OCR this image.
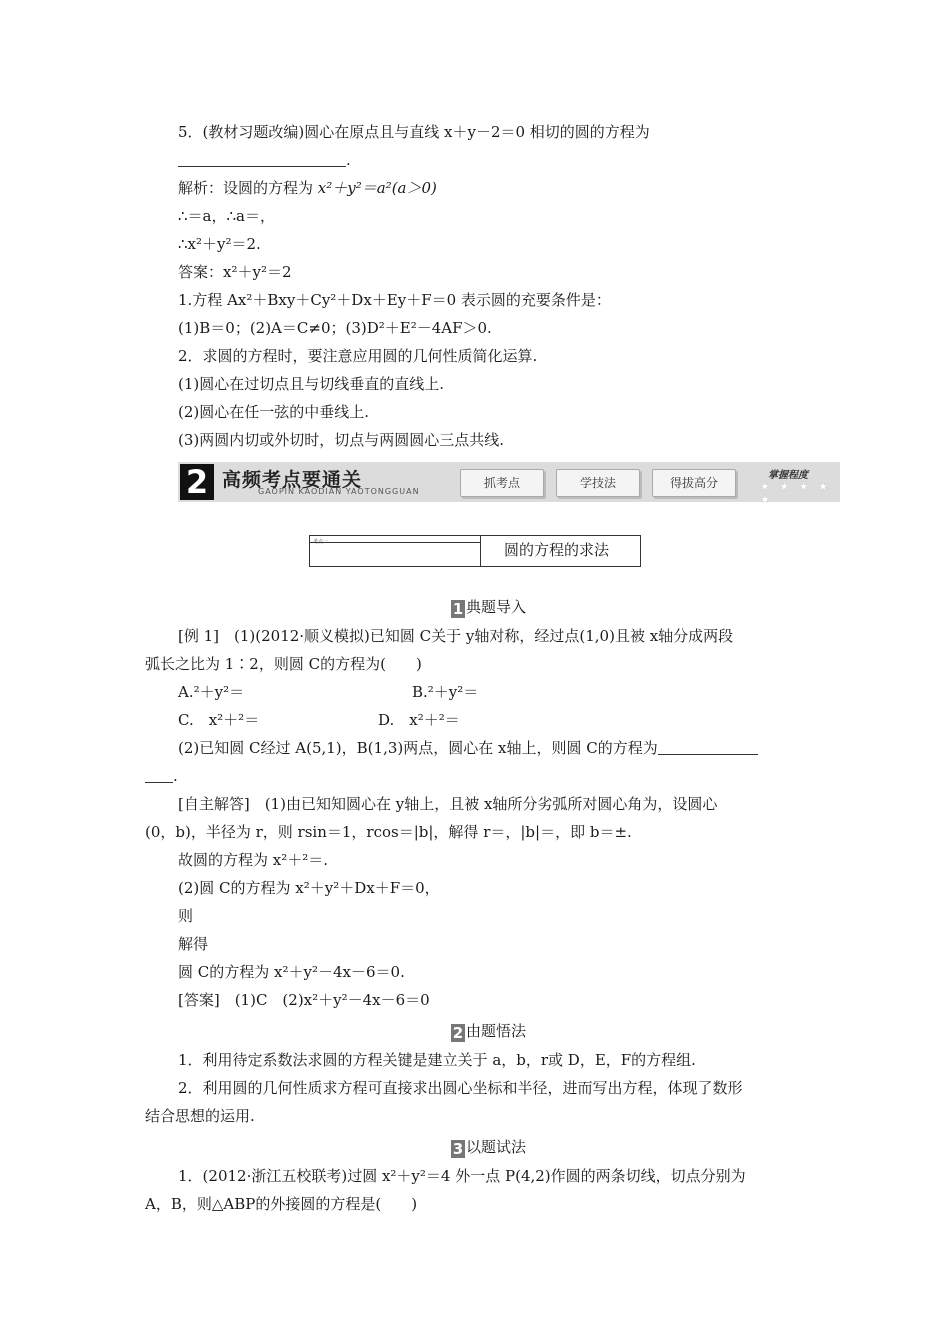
5．(教材习题改编)圆心在原点且与直线 x＋y－2＝0 相切的圆的方程为
.
解析：设圆的方程为 x²＋y²＝a²(a＞0)
∴＝a，∴a＝，
∴x²＋y²＝2.
答案：x²＋y²＝2
1.方程 Ax²＋Bxy＋Cy²＋Dx＋Ey＋F＝0 表示圆的充要条件是：
(1)B＝0；(2)A＝C≠0；(3)D²＋E²－4AF＞0.
2．求圆的方程时，要注意应用圆的几何性质简化运算.
(1)圆心在过切点且与切线垂直的直线上.
(2)圆心在任一弦的中垂线上.
(3)两圆内切或外切时，切点与两圆圆心三点共线.
2 高频考点要通关
GAOPIN KAODIAN YAOTONGGUAN
抓考点	学技法	得拔高分
掌握程度
★ ★ ★ ★ ★
考点一	圆的方程的求法
1 典题导入
[例 1]　(1)(2012·顺义模拟)已知圆 C关于 y轴对称，经过点(1,0)且被 x轴分成两段
弧长之比为 1∶2，则圆 C的方程为(　　)
A.²＋y²＝	B.²＋y²＝
C.　x²＋²＝	D.　x²＋²＝
(2)已知圆 C经过 A(5,1)，B(1,3)两点，圆心在 x轴上，则圆 C的方程为
.
[自主解答]　(1)由已知知圆心在 y轴上，且被 x轴所分劣弧所对圆心角为，设圆心
(0，b)，半径为 r，则 rsin＝1，rcos＝|b|，解得 r＝，|b|＝，即 b＝±.
故圆的方程为 x²＋²＝.
(2)圆 C的方程为 x²＋y²＋Dx＋F＝0，
则
解得
圆 C的方程为 x²＋y²－4x－6＝0.
[答案]　(1)C　(2)x²＋y²－4x－6＝0
2 由题悟法
1．利用待定系数法求圆的方程关键是建立关于 a，b，r或 D，E，F的方程组.
2．利用圆的几何性质求方程可直接求出圆心坐标和半径，进而写出方程，体现了数形
结合思想的运用.
3 以题试法
1．(2012·浙江五校联考)过圆 x²＋y²＝4 外一点 P(4,2)作圆的两条切线，切点分别为
A，B，则△ABP的外接圆的方程是(　　)
